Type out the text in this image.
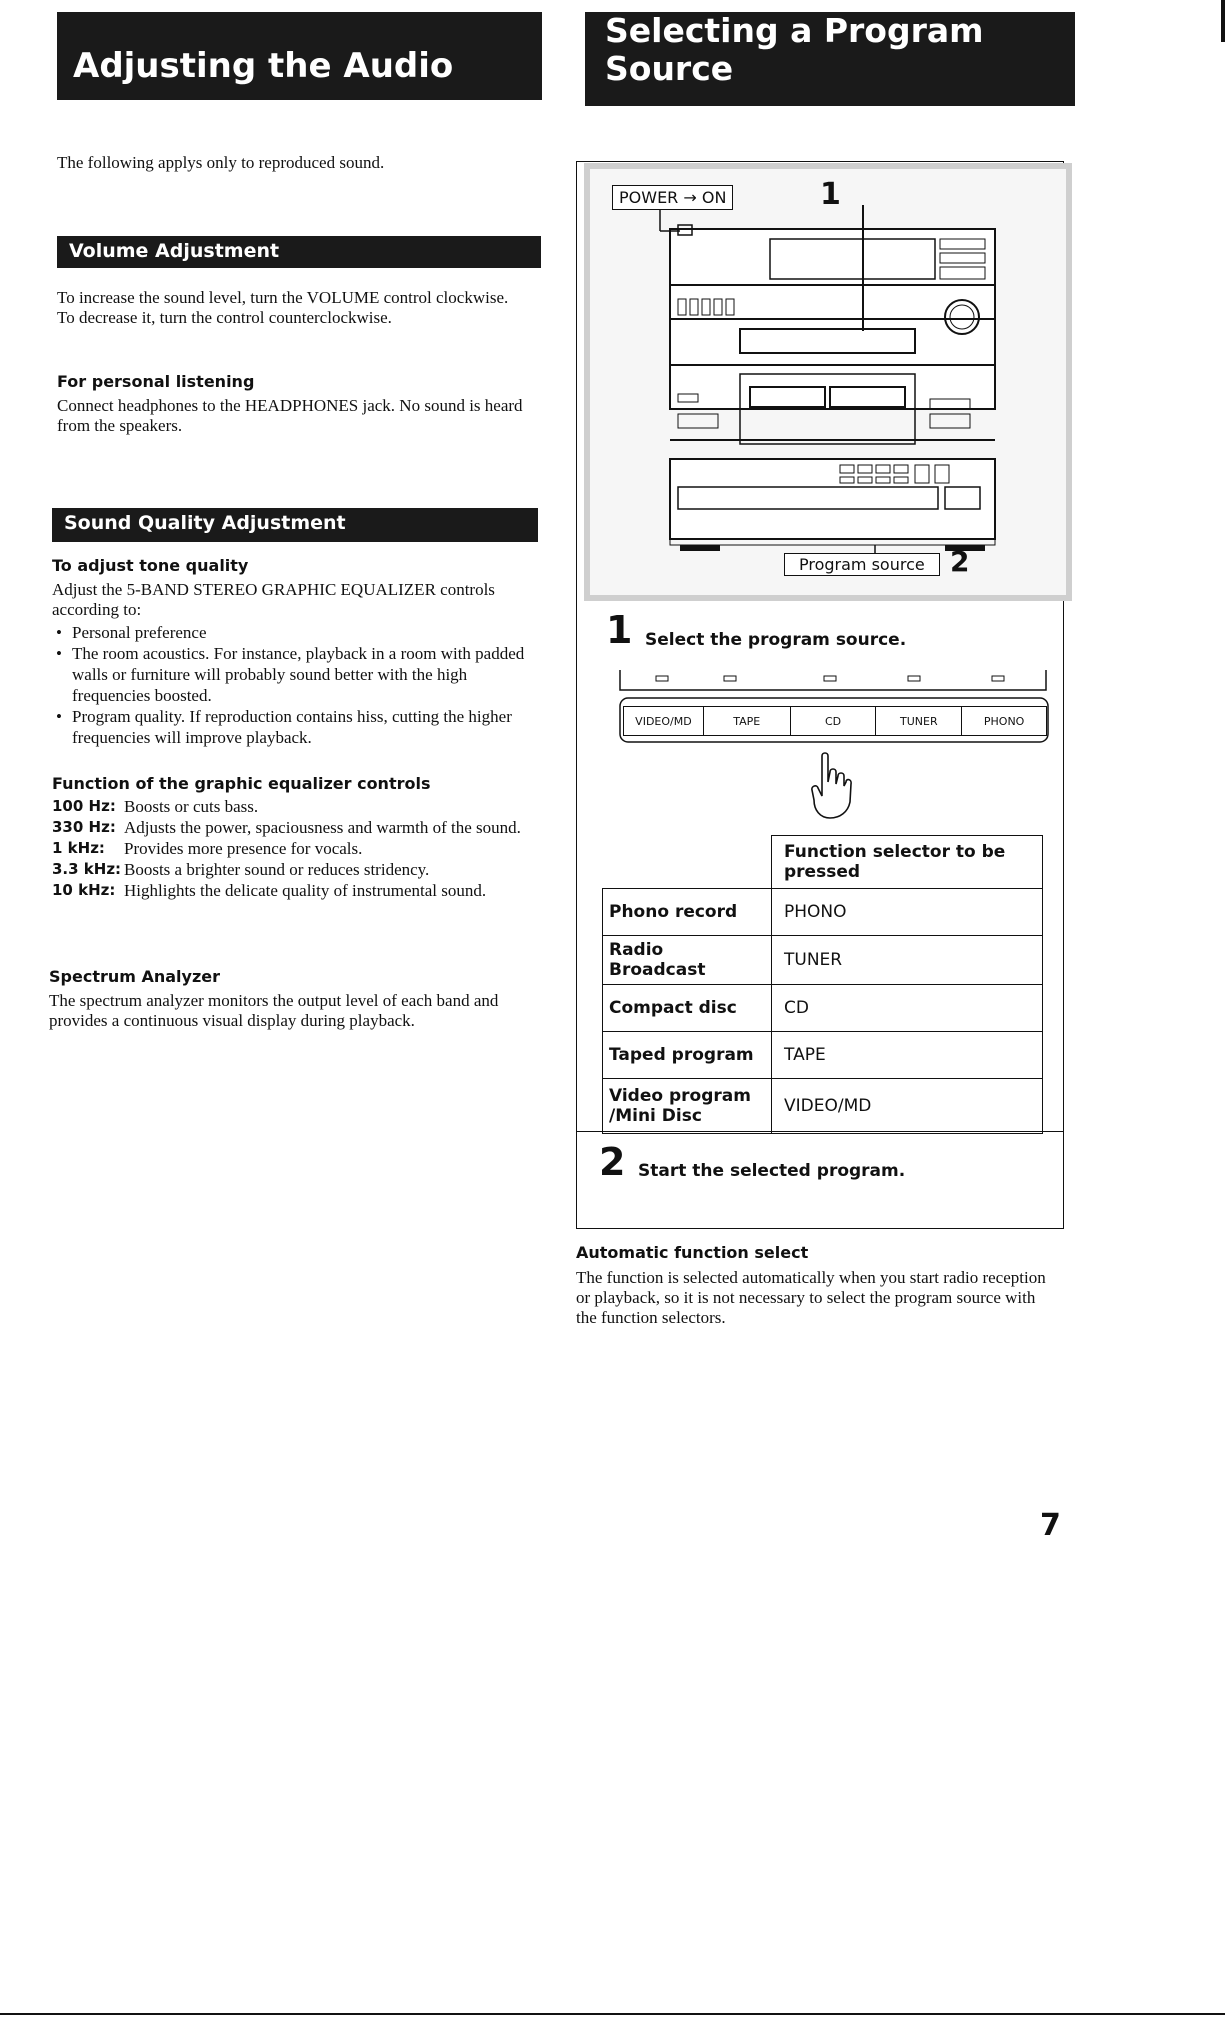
Adjusting the Audio
The following applys only to reproduced sound.
Volume Adjustment
To increase the sound level, turn the VOLUME control clockwise.
To decrease it, turn the control counterclockwise.
For personal listening
Connect headphones to the HEADPHONES jack. No sound is heard from the speakers.
Sound Quality Adjustment
To adjust tone quality
Adjust the 5-BAND STEREO GRAPHIC EQUALIZER controls according to:
• Personal preference
• The room acoustics. For instance, playback in a room with padded walls or furniture will probably sound better with the high frequencies boosted.
• Program quality. If reproduction contains hiss, cutting the higher frequencies will improve playback.
Function of the graphic equalizer controls
100 Hz: Boosts or cuts bass.
330 Hz: Adjusts the power, spaciousness and warmth of the sound.
1 kHz:	Provides more presence for vocals.
3.3 kHz: Boosts a brighter sound or reduces stridency.
10 kHz: Highlights the delicate quality of instrumental sound.
Spectrum Analyzer
The spectrum analyzer monitors the output level of each band and provides a continuous visual display during playback.
Selecting a Program
Source
POWER → ON	1
Program source 2
1 Select the program source.
VIDEO/MD	TAPE	CD	TUNER	PHONO
	Function selector to be pressed
Phono record	PHONO
Radio Broadcast	TUNER
Compact disc	CD
Taped program	TAPE
Video program /Mini Disc	VIDEO/MD
2 Start the selected program.
Automatic function select
The function is selected automatically when you start radio reception or playback, so it is not necessary to select the program source with the function selectors.
7
